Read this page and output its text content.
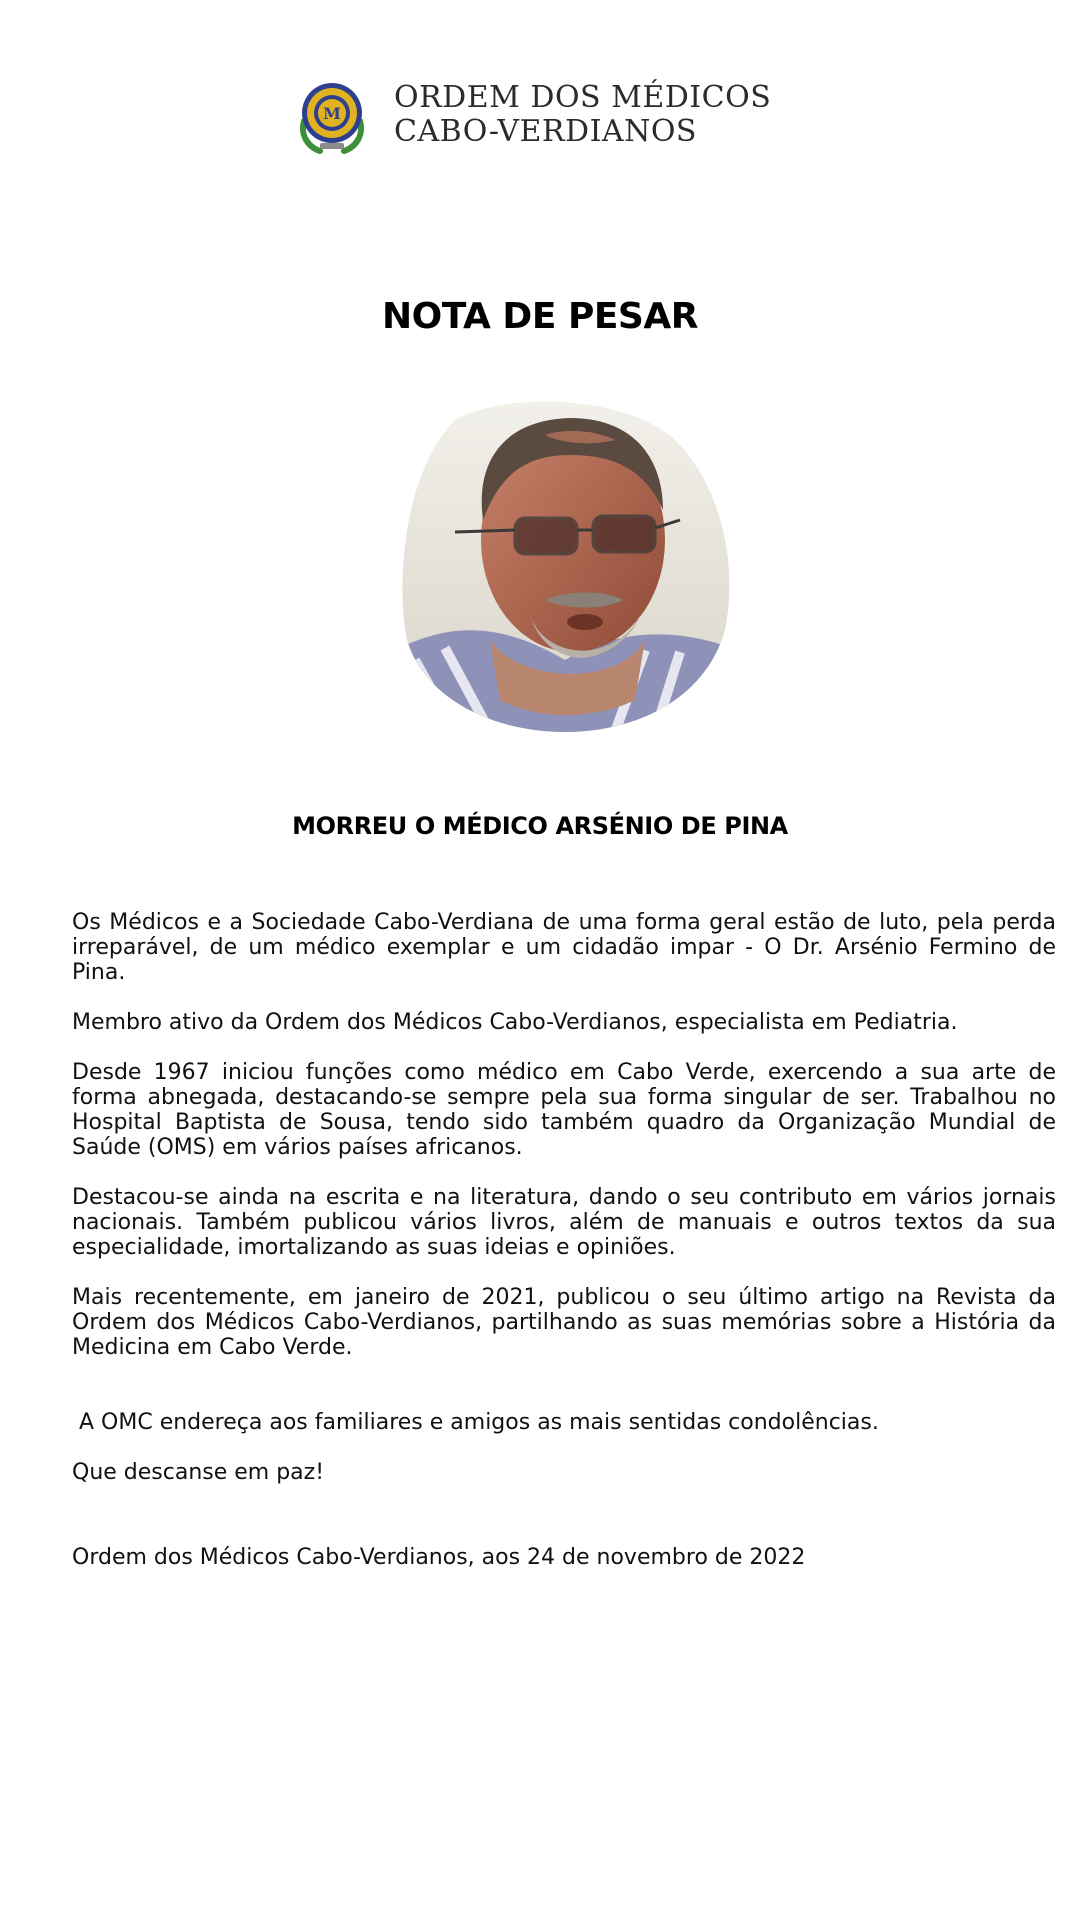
M ORDEM DOS MÉDICOS
CABO-VERDIANOS
NOTA DE PESAR
MORREU O MÉDICO ARSÉNIO DE PINA

Os Médicos e a Sociedade Cabo-Verdiana de uma forma geral estão de luto, pela perda irreparável, de um médico exemplar e um cidadão impar - O Dr. Arsénio Fermino de Pina.

Membro ativo da Ordem dos Médicos Cabo-Verdianos, especialista em Pediatria.

Desde 1967 iniciou funções como médico em Cabo Verde, exercendo a sua arte de forma abnegada, destacando-se sempre pela sua forma singular de ser. Trabalhou no Hospital Baptista de Sousa, tendo sido também quadro da Organização Mundial de Saúde (OMS) em vários países africanos.

Destacou-se ainda na escrita e na literatura, dando o seu contributo em vários jornais nacionais. Também publicou vários livros, além de manuais e outros textos da sua especialidade, imortalizando as suas ideias e opiniões.

Mais recentemente, em janeiro de 2021, publicou o seu último artigo na Revista da Ordem dos Médicos Cabo-Verdianos, partilhando as suas memórias sobre a História da Medicina em Cabo Verde.

A OMC endereça aos familiares e amigos as mais sentidas condolências.

Que descanse em paz!

Ordem dos Médicos Cabo-Verdianos, aos 24 de novembro de 2022
